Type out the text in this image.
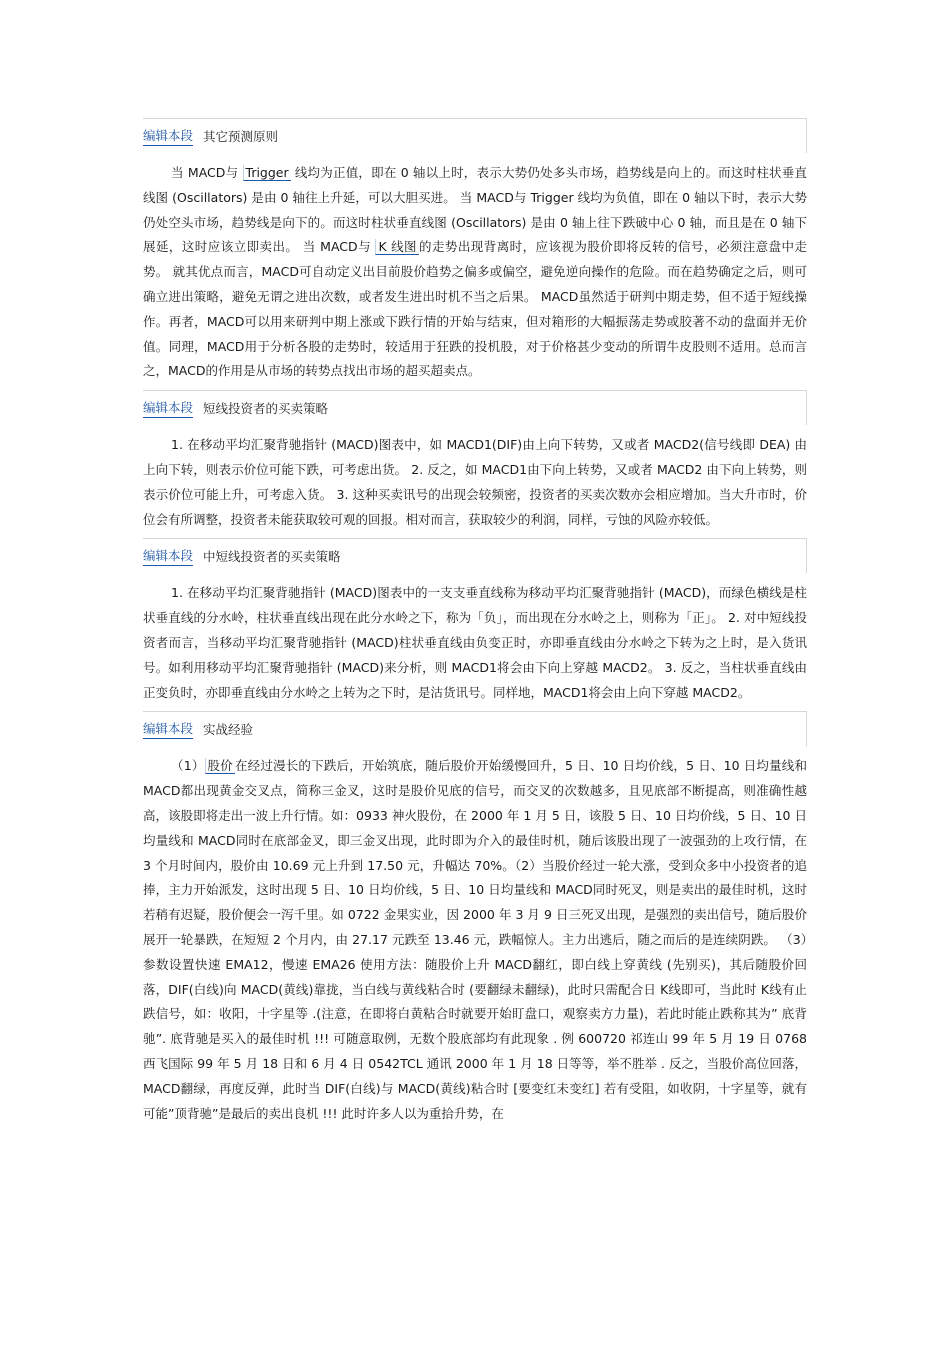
编辑本段 其它预测原则

当 MACD与 Trigger 线均为正值，即在 0 轴以上时，表示大势仍处多头市场，趋势线是向上的。而这时柱状垂直线图 (Oscillators) 是由 0 轴往上升延，可以大胆买进。 当 MACD与 Trigger 线均为负值，即在 0 轴以下时，表示大势仍处空头市场，趋势线是向下的。而这时柱状垂直线图 (Oscillators) 是由 0 轴上往下跌破中心 0 轴，而且是在 0 轴下展延，这时应该立即卖出。 当 MACD与 K 线图 的走势出现背离时，应该视为股价即将反转的信号，必须注意盘中走势。 就其优点而言，MACD可自动定义出目前股价趋势之偏多或偏空，避免逆向操作的危险。而在趋势确定之后，则可确立进出策略，避免无谓之进出次数，或者发生进出时机不当之后果。 MACD虽然适于研判中期走势，但不适于短线操作。再者，MACD可以用来研判中期上涨或下跌行情的开始与结束，但对箱形的大幅振荡走势或胶著不动的盘面并无价值。同理，MACD用于分析各股的走势时，较适用于狂跌的投机股，对于价格甚少变动的所谓牛皮股则不适用。总而言之，MACD的作用是从市场的转势点找出市场的超买超卖点。

编辑本段 短线投资者的买卖策略

1. 在移动平均汇聚背驰指针 (MACD)图表中，如 MACD1(DIF)由上向下转势，又或者 MACD2(信号线即 DEA) 由上向下转，则表示价位可能下跌，可考虑出货。 2. 反之，如 MACD1由下向上转势，又或者 MACD2 由下向上转势，则表示价位可能上升，可考虑入货。 3. 这种买卖讯号的出现会较频密，投资者的买卖次数亦会相应增加。当大升市时，价位会有所调整，投资者未能获取较可观的回报。相对而言，获取较少的利润，同样，亏蚀的风险亦较低。

编辑本段 中短线投资者的买卖策略

1. 在移动平均汇聚背驰指针 (MACD)图表中的一支支垂直线称为移动平均汇聚背驰指针 (MACD)，而绿色横线是柱状垂直线的分水岭，柱状垂直线出现在此分水岭之下，称为「负」，而出现在分水岭之上，则称为「正」。 2. 对中短线投资者而言，当移动平均汇聚背驰指针 (MACD)柱状垂直线由负变正时，亦即垂直线由分水岭之下转为之上时，是入货讯号。如利用移动平均汇聚背驰指针 (MACD)来分析，则 MACD1将会由下向上穿越 MACD2。 3. 反之，当柱状垂直线由正变负时，亦即垂直线由分水岭之上转为之下时，是沽货讯号。同样地，MACD1将会由上向下穿越 MACD2。

编辑本段 实战经验

（1） 股价 在经过漫长的下跌后，开始筑底，随后股价开始缓慢回升，5 日、10 日均价线，5 日、10 日均量线和 MACD都出现黄金交叉点，简称三金叉，这时是股价见底的信号，而交叉的次数越多，且见底部不断提高，则准确性越高，该股即将走出一波上升行情。如：0933 神火股份，在 2000 年 1 月 5 日，该股 5 日、10 日均价线，5 日、10 日均量线和 MACD同时在底部金叉，即三金叉出现，此时即为介入的最佳时机，随后该股出现了一波强劲的上攻行情，在 3 个月时间内，股价由 10.69 元上升到 17.50 元，升幅达 70%。（2）当股价经过一轮大涨，受到众多中小投资者的追捧，主力开始派发，这时出现 5 日、10 日均价线，5 日、10 日均量线和 MACD同时死叉，则是卖出的最佳时机，这时若稍有迟疑，股价便会一泻千里。如 0722 金果实业，因 2000 年 3 月 9 日三死叉出现，是强烈的卖出信号，随后股价展开一轮暴跌，在短短 2 个月内，由 27.17 元跌至 13.46 元，跌幅惊人。主力出逃后，随之而后的是连续阴跌。 （3）参数设置快速 EMA12，慢速 EMA26 使用方法：随股价上升 MACD翻红，即白线上穿黄线 (先别买)，其后随股价回落，DIF(白线)向 MACD(黄线)靠拢，当白线与黄线粘合时 (要翻绿未翻绿)，此时只需配合日 K线即可，当此时 K线有止跌信号，如：收阳，十字星等 .(注意，在即将白黄粘合时就要开始盯盘口，观察卖方力量)，若此时能止跌称其为” 底背驰”. 底背驰是买入的最佳时机 !!! 可随意取例，无数个股底部均有此现象 . 例 600720 祁连山 99 年 5 月 19 日 0768 西飞国际 99 年 5 月 18 日和 6 月 4 日 0542TCL 通讯 2000 年 1 月 18 日等等，举不胜举 . 反之，当股价高位回落，MACD翻绿，再度反弹，此时当 DIF(白线)与 MACD(黄线)粘合时 [要变红未变红] 若有受阻，如收阴，十字星等，就有可能”顶背驰”是最后的卖出良机 !!! 此时许多人以为重拾升势，在
